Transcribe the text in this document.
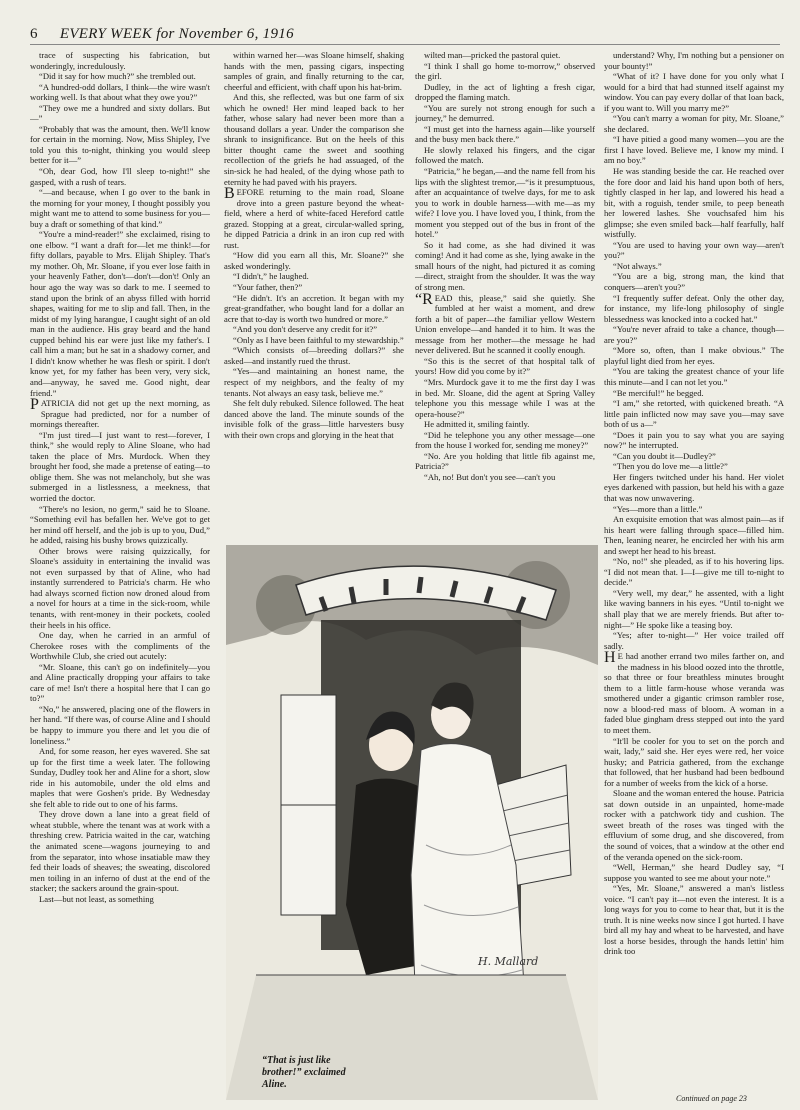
6 EVERY WEEK for November 6, 1916

trace of suspecting his fabrication, but wonderingly, incredulously.

“Did it say for how much?” she trembled out.

“A hundred-odd dollars, I think—the wire wasn't working well. Is that about what they owe you?”

“They owe me a hundred and sixty dollars. But—”

“Probably that was the amount, then. We'll know for certain in the morning. Now, Miss Shipley, I've told you this to-night, thinking you would sleep better for it—”

“Oh, dear God, how I'll sleep to-night!” she gasped, with a rush of tears.

“—and because, when I go over to the bank in the morning for your money, I thought possibly you might want me to attend to some business for you—buy a draft or something of that kind.”

“You're a mind-reader!” she exclaimed, rising to one elbow. “I want a draft for—let me think!—for fifty dollars, payable to Mrs. Elijah Shipley. That's my mother. Oh, Mr. Sloane, if you ever lose faith in your heavenly Father, don't—don't—don't! Only an hour ago the way was so dark to me. I seemed to stand upon the brink of an abyss filled with horrid shapes, waiting for me to slip and fall. Then, in the midst of my lying harangue, I caught sight of an old man in the audience. His gray beard and the hand cupped behind his ear were just like my father's. I call him a man; but he sat in a shadowy corner, and I didn't know whether he was flesh or spirit. I don't know yet, for my father has been very, very sick, and—anyway, he saved me. Good night, dear friend.”

PATRICIA did not get up the next morning, as Sprague had predicted, nor for a number of mornings thereafter.

“I'm just tired—I just want to rest—forever, I think,” she would reply to Aline Sloane, who had taken the place of Mrs. Murdock. When they brought her food, she made a pretense of eating—to oblige them. She was not melancholy, but she was submerged in a listlessness, a meekness, that worried the doctor.

“There's no lesion, no germ,” said he to Sloane. “Something evil has befallen her. We've got to get her mind off herself, and the job is up to you, Dud,” he added, raising his bushy brows quizzically.

Other brows were raising quizzically, for Sloane's assiduity in entertaining the invalid was not even surpassed by that of Aline, who had instantly surrendered to Patricia's charm. He who had always scorned fiction now droned aloud from a novel for hours at a time in the sick-room, while tenants, with rent-money in their pockets, cooled their heels in his office.

One day, when he carried in an armful of Cherokee roses with the compliments of the Worthwhile Club, she cried out acutely:

“Mr. Sloane, this can't go on indefinitely—you and Aline practically dropping your affairs to take care of me! Isn't there a hospital here that I can go to?”

“No,” he answered, placing one of the flowers in her hand. “If there was, of course Aline and I should be happy to immure you there and let you die of loneliness.”

And, for some reason, her eyes wavered. She sat up for the first time a week later. The following Sunday, Dudley took her and Aline for a short, slow ride in his automobile, under the old elms and maples that were Goshen's pride. By Wednesday she felt able to ride out to one of his farms.

They drove down a lane into a great field of wheat stubble, where the tenant was at work with a threshing crew. Patricia waited in the car, watching the animated scene—wagons journeying to and from the separator, into whose insatiable maw they fed their loads of sheaves; the sweating, discolored men toiling in an inferno of dust at the end of the stacker; the sackers around the grain-spout.

Last—but not least, as something

within warned her—was Sloane himself, shaking hands with the men, passing cigars, inspecting samples of grain, and finally returning to the car, cheerful and efficient, with chaff upon his hat-brim.

And this, she reflected, was but one farm of six which he owned! Her mind leaped back to her father, whose salary had never been more than a thousand dollars a year. Under the comparison she shrank to insignificance. But on the heels of this bitter thought came the sweet and soothing recollection of the griefs he had assuaged, of the sin-sick he had healed, of the dying whose path to eternity he had paved with his prayers.

BEFORE returning to the main road, Sloane drove into a green pasture beyond the wheat-field, where a herd of white-faced Hereford cattle grazed. Stopping at a great, circular-walled spring, he dipped Patricia a drink in an iron cup red with rust.

“How did you earn all this, Mr. Sloane?” she asked wonderingly.

“I didn't,” he laughed.

“Your father, then?”

“He didn't. It's an accretion. It began with my great-grandfather, who bought land for a dollar an acre that to-day is worth two hundred or more.”

“And you don't deserve any credit for it?”

“Only as I have been faithful to my stewardship.”

“Which consists of—breeding dollars?” she asked—and instantly rued the thrust.

“Yes—and maintaining an honest name, the respect of my neighbors, and the fealty of my tenants. Not always an easy task, believe me.”

She felt duly rebuked. Silence followed. The heat danced above the land. The minute sounds of the invisible folk of the grass—little harvesters busy with their own crops and glorying in the heat that

wilted man—pricked the pastoral quiet.

“I think I shall go home to-morrow,” observed the girl.

Dudley, in the act of lighting a fresh cigar, dropped the flaming match.

“You are surely not strong enough for such a journey,” he demurred.

“I must get into the harness again—like yourself and the busy men back there.”

He slowly relaxed his fingers, and the cigar followed the match.

“Patricia,” he began,—and the name fell from his lips with the slightest tremor,—“is it presumptuous, after an acquaintance of twelve days, for me to ask you to work in double harness—with me—as my wife? I love you. I have loved you, I think, from the moment you stepped out of the bus in front of the hotel.”

So it had come, as she had divined it was coming! And it had come as she, lying awake in the small hours of the night, had pictured it as coming—direct, straight from the shoulder. It was the way of strong men.

“READ this, please,” said she quietly. She fumbled at her waist a moment, and drew forth a bit of paper—the familiar yellow Western Union envelope—and handed it to him. It was the message from her mother—the message he had never delivered. But he scanned it coolly enough.

“So this is the secret of that hospital talk of yours! How did you come by it?”

“Mrs. Murdock gave it to me the first day I was in bed. Mr. Sloane, did the agent at Spring Valley telephone you this message while I was at the opera-house?”

He admitted it, smiling faintly.

“Did he telephone you any other message—one from the house I worked for, sending me money?”

“No. Are you holding that little fib against me, Patricia?”

“Ah, no! But don't you see—can't you

understand? Why, I'm nothing but a pensioner on your bounty!”

“What of it? I have done for you only what I would for a bird that had stunned itself against my window. You can pay every dollar of that loan back, if you want to. Will you marry me?”

“You can't marry a woman for pity, Mr. Sloane,” she declared.

“I have pitied a good many women—you are the first I have loved. Believe me, I know my mind. I am no boy.”

He was standing beside the car. He reached over the fore door and laid his hand upon both of hers, tightly clasped in her lap, and lowered his head a bit, with a roguish, tender smile, to peep beneath her lowered lashes. She vouchsafed him his glimpse; she even smiled back—half fearfully, half wistfully.

“You are used to having your own way—aren't you?”

“Not always.”

“You are a big, strong man, the kind that conquers—aren't you?”

“I frequently suffer defeat. Only the other day, for instance, my life-long philosophy of single blessedness was knocked into a cocked hat.”

“You're never afraid to take a chance, though—are you?”

“More so, often, than I make obvious.” The playful light died from her eyes.

“You are taking the greatest chance of your life this minute—and I can not let you.”

“Be merciful!” he begged.

“I am,” she retorted, with quickened breath. “A little pain inflicted now may save you—may save both of us a—”

“Does it pain you to say what you are saying now?” he interrupted.

“Can you doubt it—Dudley?”

“Then you do love me—a little?”

Her fingers twitched under his hand. Her violet eyes darkened with passion, but held his with a gaze that was now unwavering.

“Yes—more than a little.”

An exquisite emotion that was almost pain—as if his heart were falling through space—filled him. Then, leaning nearer, he encircled her with his arm and swept her head to his breast.

“No, no!” she pleaded, as if to his hovering lips. “I did not mean that. I—I—give me till to-night to decide.”

“Very well, my dear,” he assented, with a light like waving banners in his eyes. “Until to-night we shall play that we are merely friends. But after to-night—” He spoke like a teasing boy.

“Yes; after to-night—” Her voice trailed off sadly.

H E had another errand two miles farther on, and the madness in his blood oozed into the throttle, so that three or four breathless minutes brought them to a little farm-house whose veranda was smothered under a gigantic crimson rambler rose, now a blood-red mass of bloom. A woman in a faded blue gingham dress stepped out into the yard to meet them.

“It'll be cooler for you to set on the porch and wait, lady,” said she. Her eyes were red, her voice husky; and Patricia gathered, from the exchange that followed, that her husband had been bedbound for a number of weeks from the kick of a horse.

Sloane and the woman entered the house. Patricia sat down outside in an unpainted, home-made rocker with a patchwork tidy and cushion. The sweet breath of the roses was tinged with the effluvium of some drug, and she discovered, from the sound of voices, that a window at the other end of the veranda opened on the sick-room.

“Well, Herman,” she heard Dudley say, “I suppose you wanted to see me about your note.”

“Yes, Mr. Sloane,” answered a man's listless voice. “I can't pay it—not even the interest. It is a long ways for you to come to hear that, but it is the truth. It is nine weeks now since I got hurted. I have bird all my hay and wheat to be harvested, and have lost a horse besides, through the hands lettin' him drink too

H. Mallard
“That is just like brother!” exclaimed Aline.
Continued on page 23
